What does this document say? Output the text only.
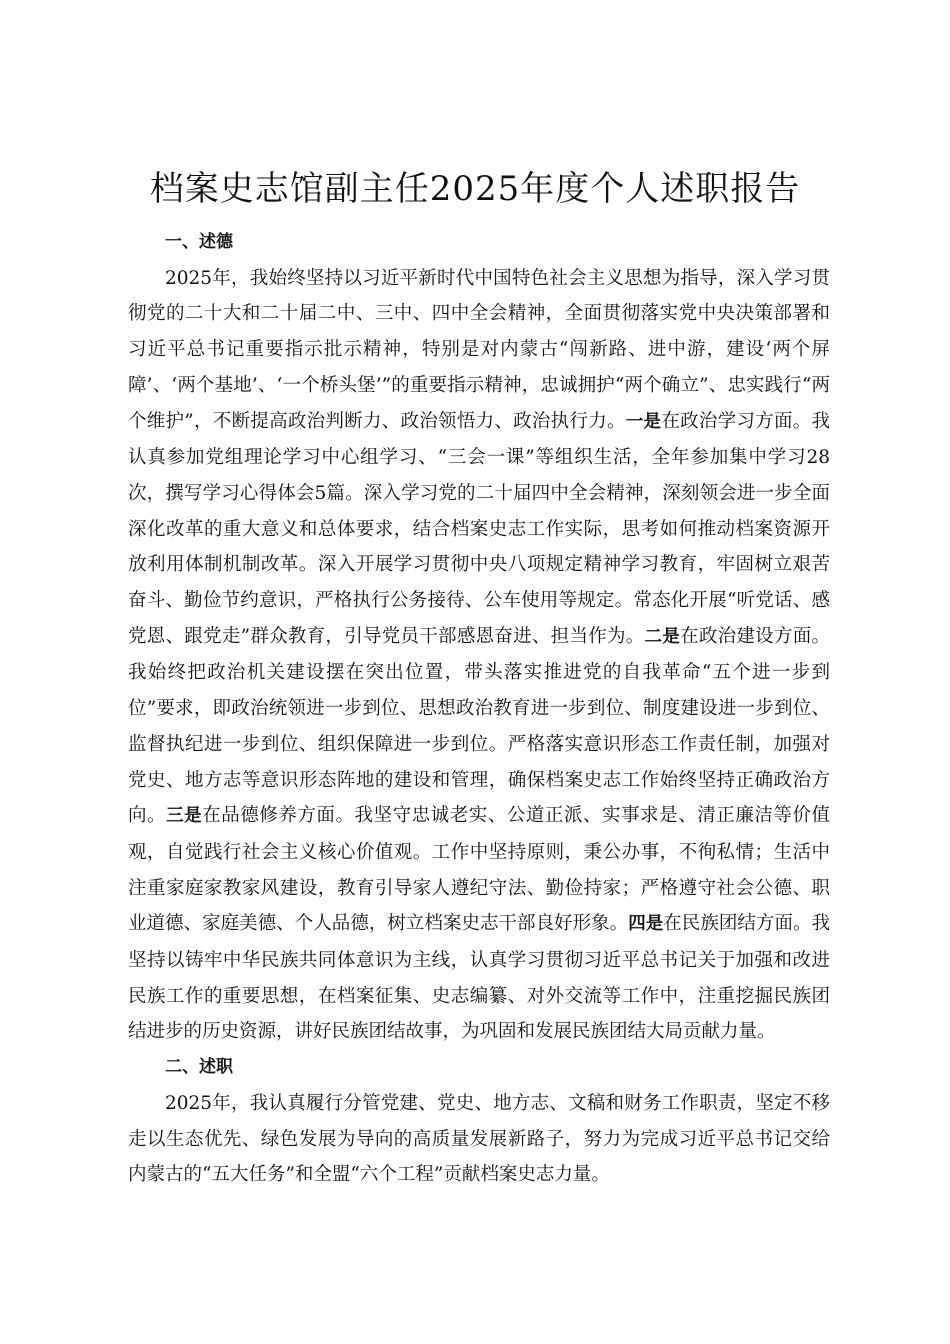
档案史志馆副主任2025年度个人述职报告

一、述德

2025年，我始终坚持以习近平新时代中国特色社会主义思想为指导，深入学习贯彻党的二十大和二十届二中、三中、四中全会精神，全面贯彻落实党中央决策部署和习近平总书记重要指示批示精神，特别是对内蒙古“闯新路、进中游，建设‘两个屏障’、‘两个基地’、‘一个桥头堡’”的重要指示精神，忠诚拥护“两个确立”、忠实践行“两个维护”，不断提高政治判断力、政治领悟力、政治执行力。一是在政治学习方面。我认真参加党组理论学习中心组学习、“三会一课”等组织生活，全年参加集中学习28次，撰写学习心得体会5篇。深入学习党的二十届四中全会精神，深刻领会进一步全面深化改革的重大意义和总体要求，结合档案史志工作实际，思考如何推动档案资源开放利用体制机制改革。深入开展学习贯彻中央八项规定精神学习教育，牢固树立艰苦奋斗、勤俭节约意识，严格执行公务接待、公车使用等规定。常态化开展“听党话、感党恩、跟党走”群众教育，引导党员干部感恩奋进、担当作为。二是在政治建设方面。我始终把政治机关建设摆在突出位置，带头落实推进党的自我革命“五个进一步到位”要求，即政治统领进一步到位、思想政治教育进一步到位、制度建设进一步到位、监督执纪进一步到位、组织保障进一步到位。严格落实意识形态工作责任制，加强对党史、地方志等意识形态阵地的建设和管理，确保档案史志工作始终坚持正确政治方向。三是在品德修养方面。我坚守忠诚老实、公道正派、实事求是、清正廉洁等价值观，自觉践行社会主义核心价值观。工作中坚持原则，秉公办事，不徇私情；生活中注重家庭家教家风建设，教育引导家人遵纪守法、勤俭持家；严格遵守社会公德、职业道德、家庭美德、个人品德，树立档案史志干部良好形象。四是在民族团结方面。我坚持以铸牢中华民族共同体意识为主线，认真学习贯彻习近平总书记关于加强和改进民族工作的重要思想，在档案征集、史志编纂、对外交流等工作中，注重挖掘民族团结进步的历史资源，讲好民族团结故事，为巩固和发展民族团结大局贡献力量。

二、述职

2025年，我认真履行分管党建、党史、地方志、文稿和财务工作职责，坚定不移走以生态优先、绿色发展为导向的高质量发展新路子，努力为完成习近平总书记交给内蒙古的“五大任务”和全盟“六个工程”贡献档案史志力量。
